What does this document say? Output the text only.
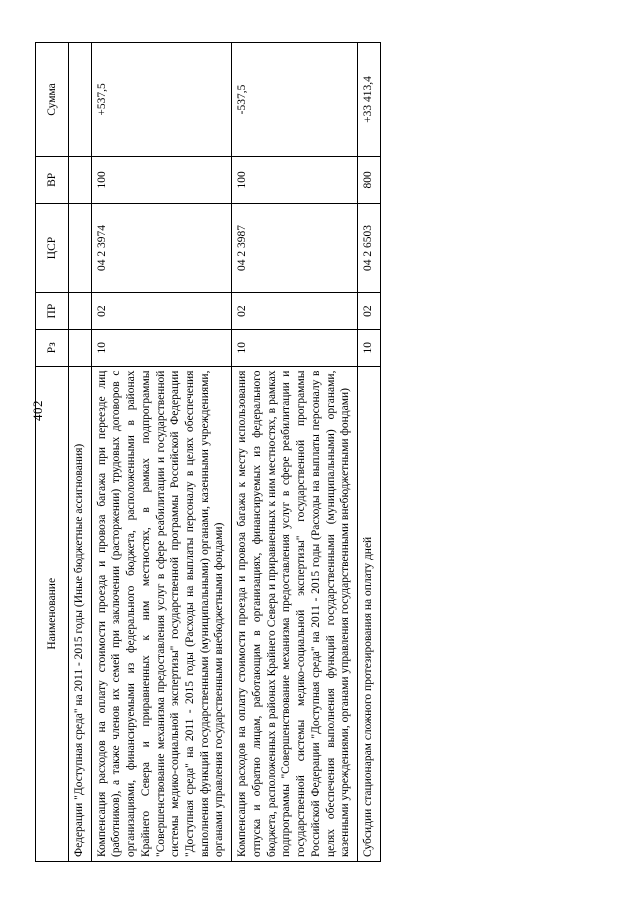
402
Наименование	Рз	ПР	ЦСР	ВР	Сумма
Федерации "Доступная среда" на 2011 - 2015 годы (Иные бюджетные ассигнования)					
Компенсация расходов на оплату стоимости проезда и провоза багажа при переезде лиц (работников), а также членов их семей при заключении (расторжении) трудовых договоров с организациями, финансируемыми из федерального бюджета, расположенными в районах Крайнего Севера и приравненных к ним местностях, в рамках подпрограммы "Совершенствование механизма предоставления услуг в сфере реабилитации и государственной системы медико-социальной экспертизы" государственной программы Российской Федерации "Доступная среда" на 2011 - 2015 годы (Расходы на выплаты персоналу в целях обеспечения выполнения функций государственными (муниципальными) органами, казенными учреждениями, органами управления государственными внебюджетными фондами)	10	02	04 2 3974	100	+537,5
Компенсация расходов на оплату стоимости проезда и провоза багажа к месту использования отпуска и обратно лицам, работающим в организациях, финансируемых из федерального бюджета, расположенных в районах Крайнего Севера и приравненных к ним местностях, в рамках подпрограммы "Совершенствование механизма предоставления услуг в сфере реабилитации и государственной системы медико-социальной экспертизы" государственной программы Российской Федерации "Доступная среда" на 2011 - 2015 годы (Расходы на выплаты персоналу в целях обеспечения выполнения функций государственными (муниципальными) органами, казенными учреждениями, органами управления государственными внебюджетными фондами)	10	02	04 2 3987	100	-537,5
Субсидии стационарам сложного протезирования на оплату дней	10	02	04 2 6503	800	+33 413,4
